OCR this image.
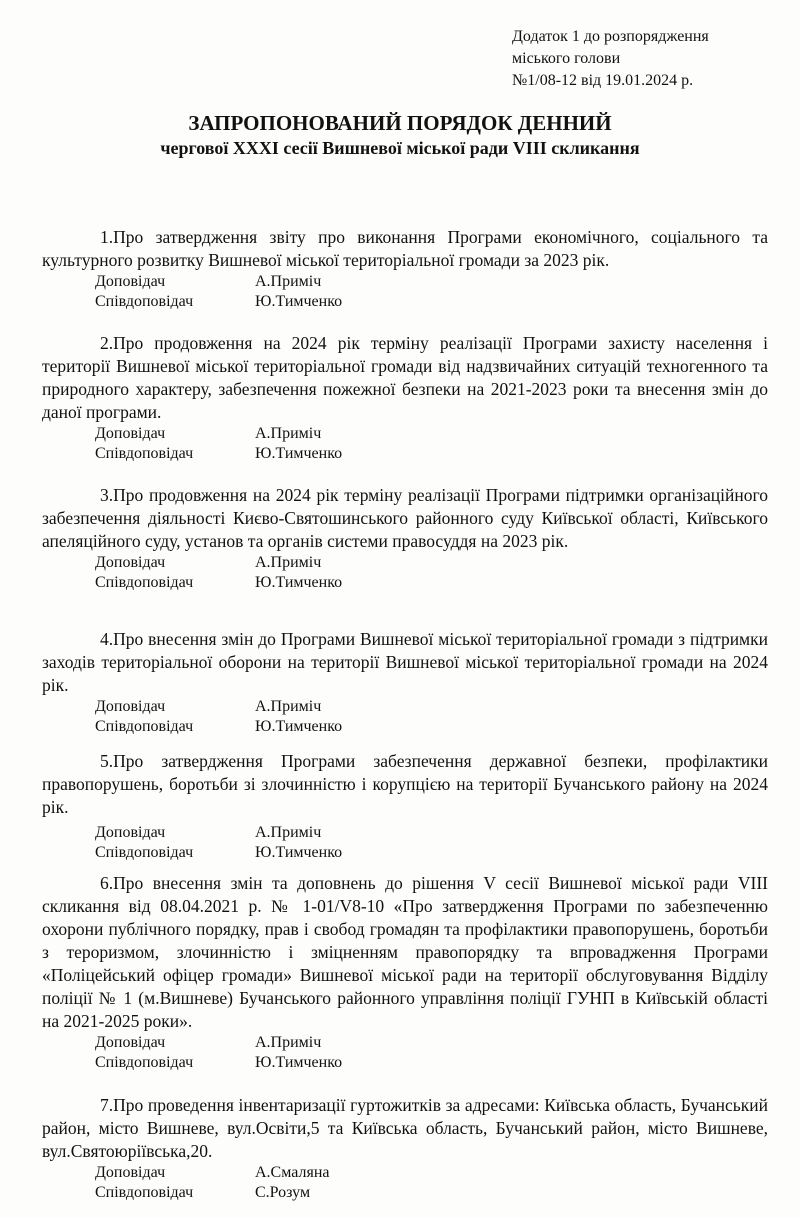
Додаток 1 до розпорядження
міського голови
№1/08-12 від 19.01.2024 р.
ЗАПРОПОНОВАНИЙ ПОРЯДОК ДЕННИЙ
чергової XXXI сесії Вишневої міської ради VIII скликання

1.Про затвердження звіту про виконання Програми економічного, соціального та культурного розвитку Вишневої міської територіальної громади за 2023 рік.

Доповідач	А.Приміч
Співдоповідач	Ю.Тимченко

2.Про продовження на 2024 рік терміну реалізації Програми захисту населення і території Вишневої міської територіальної громади від надзвичайних ситуацій техногенного та природного характеру, забезпечення пожежної безпеки на 2021-2023 роки та внесення змін до даної програми.

Доповідач	А.Приміч
Співдоповідач	Ю.Тимченко

3.Про продовження на 2024 рік терміну реалізації Програми підтримки організаційного забезпечення діяльності Києво-Святошинського районного суду Київської області, Київського апеляційного суду, установ та органів системи правосуддя на 2023 рік.

Доповідач	А.Приміч
Співдоповідач	Ю.Тимченко

4.Про внесення змін до Програми Вишневої міської територіальної громади з підтримки заходів територіальної оборони на території Вишневої міської територіальної громади на 2024 рік.

Доповідач	А.Приміч
Співдоповідач	Ю.Тимченко

5.Про затвердження Програми забезпечення державної безпеки, профілактики правопорушень, боротьби зі злочинністю і корупцією на території Бучанського району на 2024 рік.

Доповідач	А.Приміч
Співдоповідач	Ю.Тимченко

6.Про внесення змін та доповнень до рішення V сесії Вишневої міської ради VIII скликання від 08.04.2021 р. № 1-01/V8-10 «Про затвердження Програми по забезпеченню охорони публічного порядку, прав і свобод громадян та профілактики правопорушень, боротьби з тероризмом, злочинністю і зміцненням правопорядку та впровадження Програми «Поліцейський офіцер громади» Вишневої міської ради на території обслуговування Відділу поліції № 1 (м.Вишневе) Бучанського районного управління поліції ГУНП в Київській області на 2021-2025 роки».

Доповідач	А.Приміч
Співдоповідач	Ю.Тимченко

7.Про проведення інвентаризації гуртожитків за адресами: Київська область, Бучанський район, місто Вишневе, вул.Освіти,5 та Київська область, Бучанський район, місто Вишневе, вул.Святоюріївська,20.

Доповідач	А.Смаляна
Співдоповідач	С.Розум
